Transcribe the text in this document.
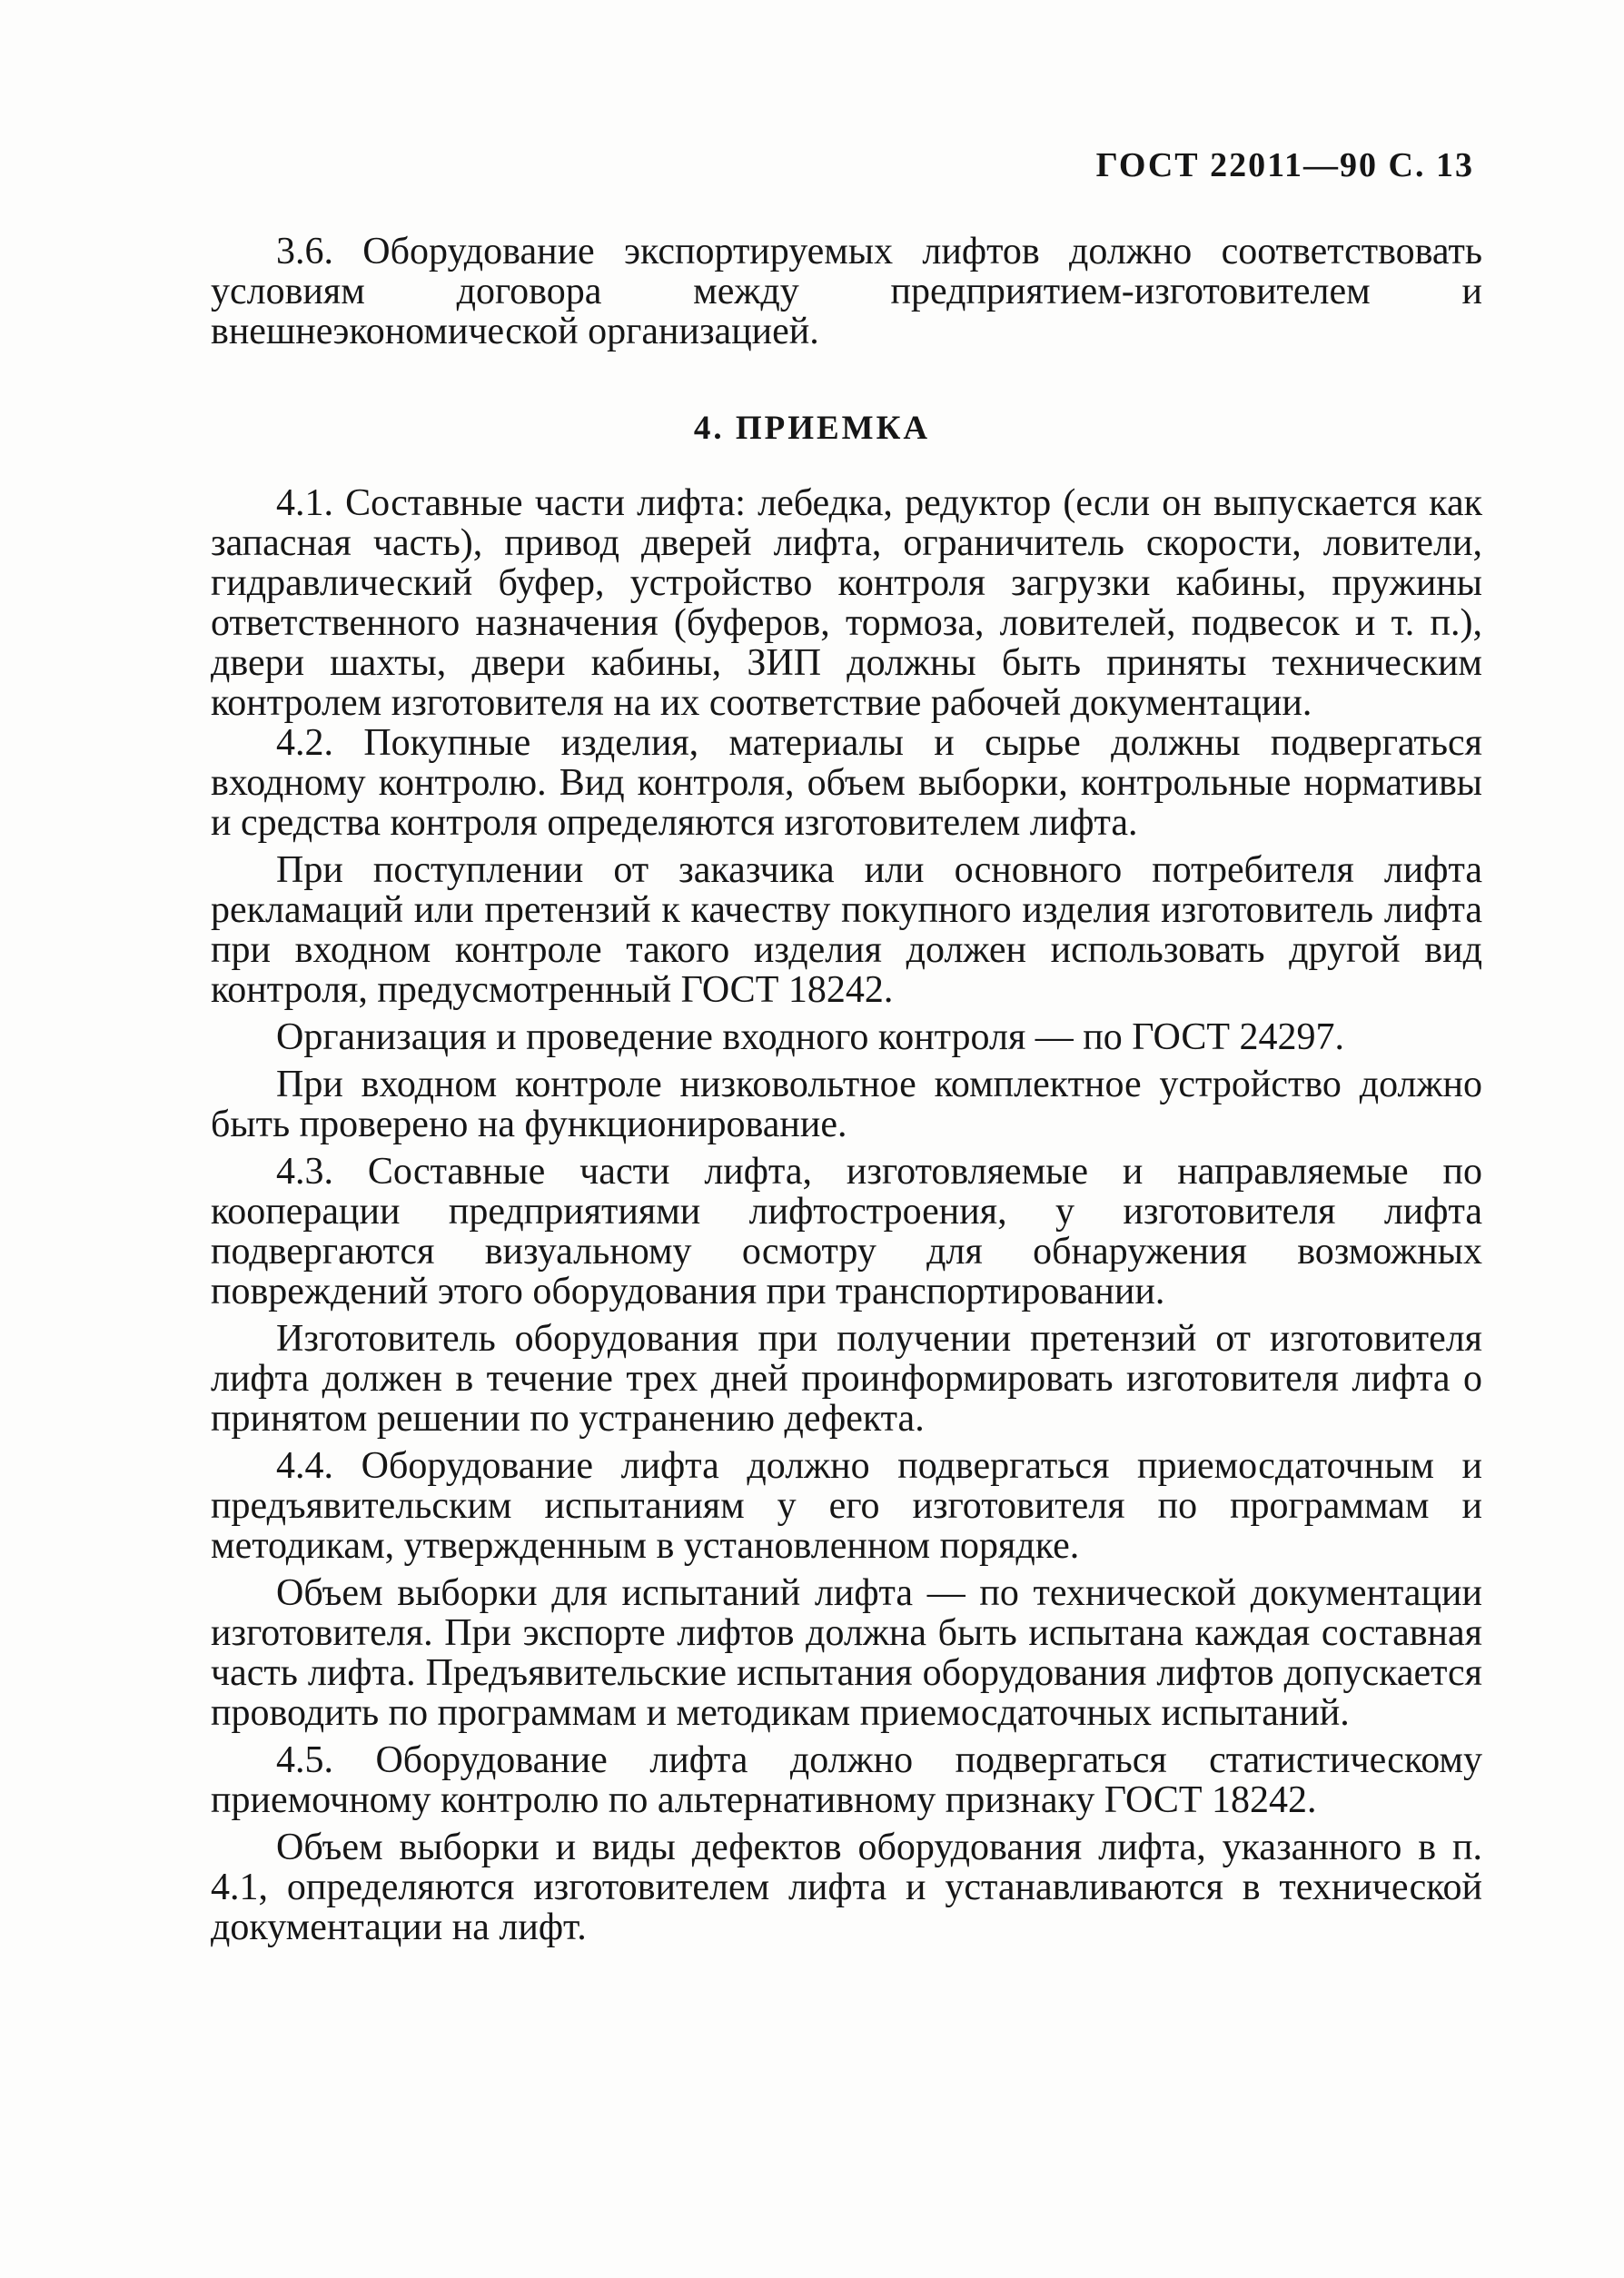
ГОСТ 22011—90 С. 13

3.6. Оборудование экспортируемых лифтов должно соответствовать условиям договора между предприятием-изготовителем и внешнеэкономической организацией.

4. ПРИЕМКА

4.1. Составные части лифта: лебедка, редуктор (если он выпускается как запасная часть), привод дверей лифта, ограничитель скорости, ловители, гидравлический буфер, устройство контроля загрузки кабины, пружины ответственного назначения (буферов, тормоза, ловителей, подвесок и т. п.), двери шахты, двери кабины, ЗИП должны быть приняты техническим контролем изготовителя на их соответствие рабочей документации.

4.2. Покупные изделия, материалы и сырье должны подвергаться входному контролю. Вид контроля, объем выборки, контрольные нормативы и средства контроля определяются изготовителем лифта.

При поступлении от заказчика или основного потребителя лифта рекламаций или претензий к качеству покупного изделия изготовитель лифта при входном контроле такого изделия должен использовать другой вид контроля, предусмотренный ГОСТ 18242.

Организация и проведение входного контроля — по ГОСТ 24297.

При входном контроле низковольтное комплектное устройство должно быть проверено на функционирование.

4.3. Составные части лифта, изготовляемые и направляемые по кооперации предприятиями лифтостроения, у изготовителя лифта подвергаются визуальному осмотру для обнаружения возможных повреждений этого оборудования при транспортировании.

Изготовитель оборудования при получении претензий от изготовителя лифта должен в течение трех дней проинформировать изготовителя лифта о принятом решении по устранению дефекта.

4.4. Оборудование лифта должно подвергаться приемосдаточным и предъявительским испытаниям у его изготовителя по программам и методикам, утвержденным в установленном порядке.

Объем выборки для испытаний лифта — по технической документации изготовителя. При экспорте лифтов должна быть испытана каждая составная часть лифта. Предъявительские испытания оборудования лифтов допускается проводить по программам и методикам приемосдаточных испытаний.

4.5. Оборудование лифта должно подвергаться статистическому приемочному контролю по альтернативному признаку ГОСТ 18242.

Объем выборки и виды дефектов оборудования лифта, указанного в п. 4.1, определяются изготовителем лифта и устанавливаются в технической документации на лифт.
